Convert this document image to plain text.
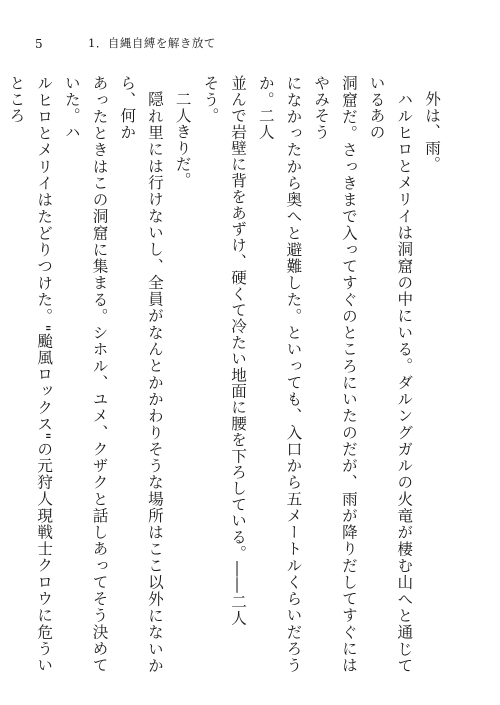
5	1．自縄自縛を解き放て

外は、雨。

ハルヒロとメリイは洞窟の中にいる。ダルングガルの火竜が棲む山へと通じているあの
洞窟だ。さっきまで入ってすぐのところにいたのだが、雨が降りだしてすぐにはやみそう
になかったから奥へと避難した。といっても、入口から五メートルくらいだろうか。二人
並んで岩壁に背をあずけ、硬くて冷たい地面に腰を下ろしている。――二人
そう。

二人きりだ。

隠れ里には行けないし、全員がなんとかかわりそうな場所はここ以外にないから、何か
あったときはこの洞窟に集まる。シホル、ユメ、クザクと話しあってそう決めていた。ハ
ルヒロとメリイはたどりつけた。"颱風ロックス"の元狩人現戦士クロウに危ういところ
